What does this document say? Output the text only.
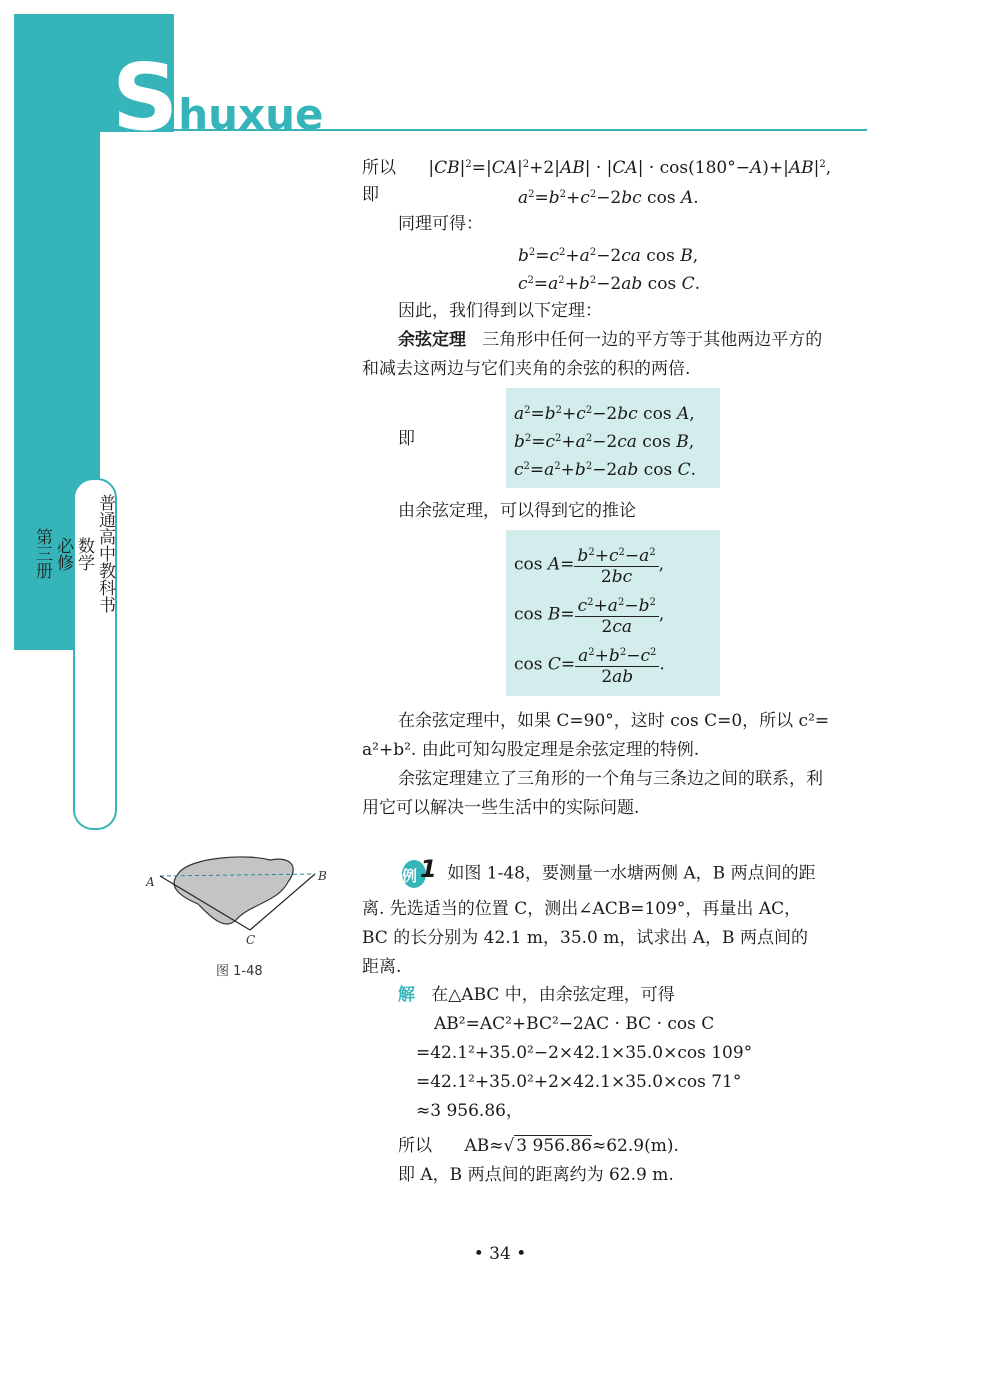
Shuxue
普通高中教科书
数学
必修
第三册
所以      $|CB|^2=|CA|^2+2|AB| \cdot |CA| \cdot \cos(180^\circ-A)+|AB|^2$,
即	$a^2=b^2+c^2-2bc$ cos A.
同理可得：
$b^2=c^2+a^2-2ca$ cos B,
$c^2=a^2+b^2-2ab$ cos C.
因此，我们得到以下定理：
余弦定理 三角形中任何一边的平方等于其他两边平方的
和减去这两边与它们夹角的余弦的积的两倍.
即
$a^2=b^2+c^2-2bc$ cos A,
$b^2=c^2+a^2-2ca$ cos B,
$c^2=a^2+b^2-2ab$ cos C.
由余弦定理，可以得到它的推论
$\cos A= \frac{b^2+c^2-a^2}{2bc}$ ,
$\cos B= \frac{c^2+a^2-b^2}{2ca}$ ,
$\cos C= \frac{a^2+b^2-c^2}{2ab}$ .
在余弦定理中，如果 C=90°，这时 cos C=0，所以 c²=
a²+b². 由此可知勾股定理是余弦定理的特例.
余弦定理建立了三角形的一个角与三条边之间的联系，利
用它可以解决一些生活中的实际问题.
A	B
C
图 1-48
例 1 如图 1-48，要测量一水塘两侧 A，B 两点间的距
离. 先选适当的位置 C，测出∠ACB=109°，再量出 AC，
BC 的长分别为 42.1 m，35.0 m，试求出 A，B 两点间的
距离.
解 在△ABC 中，由余弦定理，可得
AB²=AC²+BC²−2AC · BC · cos C
=42.1²+35.0²−2×42.1×35.0×cos 109°
=42.1²+35.0²+2×42.1×35.0×cos 71°
≈3 956.86，
所以 AB≈√ 3 956.86≈62.9(m).
即 A，B 两点间的距离约为 62.9 m.
• 34 •
